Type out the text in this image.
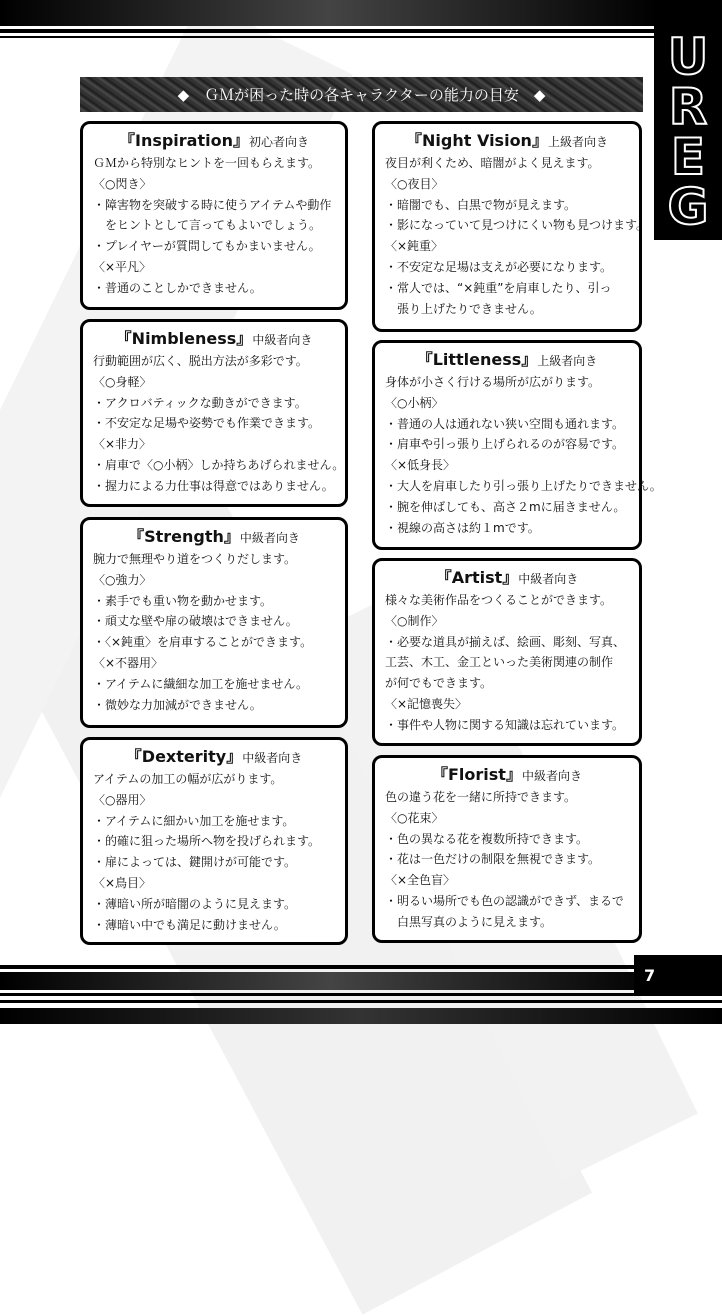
U
R
E
G
◆　ＧＭが困った時の各キャラクターの能力の目安　◆
『Inspiration』初心者向き
ＧＭから特別なヒントを一回もらえます。
〈○閃き〉
・障害物を突破する時に使うアイテムや動作
をヒントとして言ってもよいでしょう。
・プレイヤーが質問してもかまいません。
〈×平凡〉
・普通のことしかできません。
『Nimbleness』中級者向き
行動範囲が広く、脱出方法が多彩です。
〈○身軽〉
・アクロバティックな動きができます。
・不安定な足場や姿勢でも作業できます。
〈×非力〉
・肩車で〈○小柄〉しか持ちあげられません。
・握力による力仕事は得意ではありません。
『Strength』中級者向き
腕力で無理やり道をつくりだします。
〈○強力〉
・素手でも重い物を動かせます。
・頑丈な壁や扉の破壊はできません。
・〈×鈍重〉を肩車することができます。
〈×不器用〉
・アイテムに繊細な加工を施せません。
・微妙な力加減ができません。
『Dexterity』中級者向き
アイテムの加工の幅が広がります。
〈○器用〉
・アイテムに細かい加工を施せます。
・的確に狙った場所へ物を投げられます。
・扉によっては、鍵開けが可能です。
〈×鳥目〉
・薄暗い所が暗闇のように見えます。
・薄暗い中でも満足に動けません。
『Night Vision』上級者向き
夜目が利くため、暗闇がよく見えます。
〈○夜目〉
・暗闇でも、白黒で物が見えます。
・影になっていて見つけにくい物も見つけます。
〈×鈍重〉
・不安定な足場は支えが必要になります。
・常人では、“×鈍重”を肩車したり、引っ
張り上げたりできません。
『Littleness』上級者向き
身体が小さく行ける場所が広がります。
〈○小柄〉
・普通の人は通れない狭い空間も通れます。
・肩車や引っ張り上げられるのが容易です。
〈×低身長〉
・大人を肩車したり引っ張り上げたりできません。
・腕を伸ばしても、高さ２mに届きません。
・視線の高さは約１mです。
『Artist』中級者向き
様々な美術作品をつくることができます。
〈○制作〉
・必要な道具が揃えば、絵画、彫刻、写真、
工芸、木工、金工といった美術関連の制作
が何でもできます。
〈×記憶喪失〉
・事件や人物に関する知識は忘れています。
『Florist』中級者向き
色の違う花を一緒に所持できます。
〈○花束〉
・色の異なる花を複数所持できます。
・花は一色だけの制限を無視できます。
〈×全色盲〉
・明るい場所でも色の認識ができず、まるで
白黒写真のように見えます。
7
